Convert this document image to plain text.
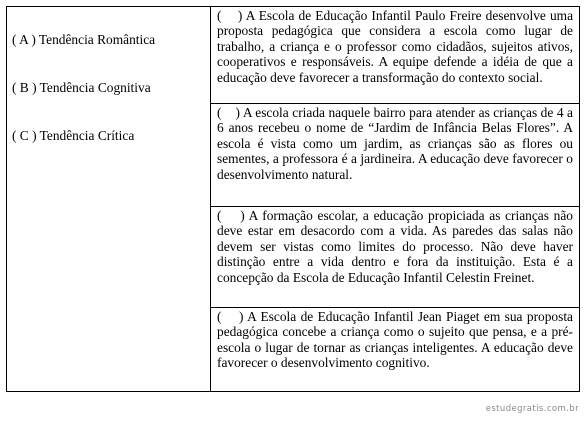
( A ) Tendência Romântica
( B ) Tendência Cognitiva
( C ) Tendência Crítica

(    ) A Escola de Educação Infantil Paulo Freire desenvolve uma proposta pedagógica que considera a escola como lugar de trabalho, a criança e o professor como cidadãos, sujeitos ativos, cooperativos e responsáveis. A equipe defende a idéia de que a educação deve favorecer a transformação do contexto social.

(    ) A escola criada naquele bairro para atender as crianças de 4 a 6 anos recebeu o nome de “Jardim de Infância Belas Flores”. A escola é vista como um jardim, as crianças são as flores ou sementes, a professora é a jardineira. A educação deve favorecer o desenvolvimento natural.

(    ) A formação escolar, a educação propiciada as crianças não deve estar em desacordo com a vida. As paredes das salas não devem ser vistas como limites do processo. Não deve haver distinção entre a vida dentro e fora da instituição. Esta é a concepção da Escola de Educação Infantil Celestin Freinet.

(    ) A Escola de Educação Infantil Jean Piaget em sua proposta pedagógica concebe a criança como o sujeito que pensa, e a pré-escola o lugar de tornar as crianças inteligentes. A educação deve favorecer o desenvolvimento cognitivo.
estudegratis.com.br
